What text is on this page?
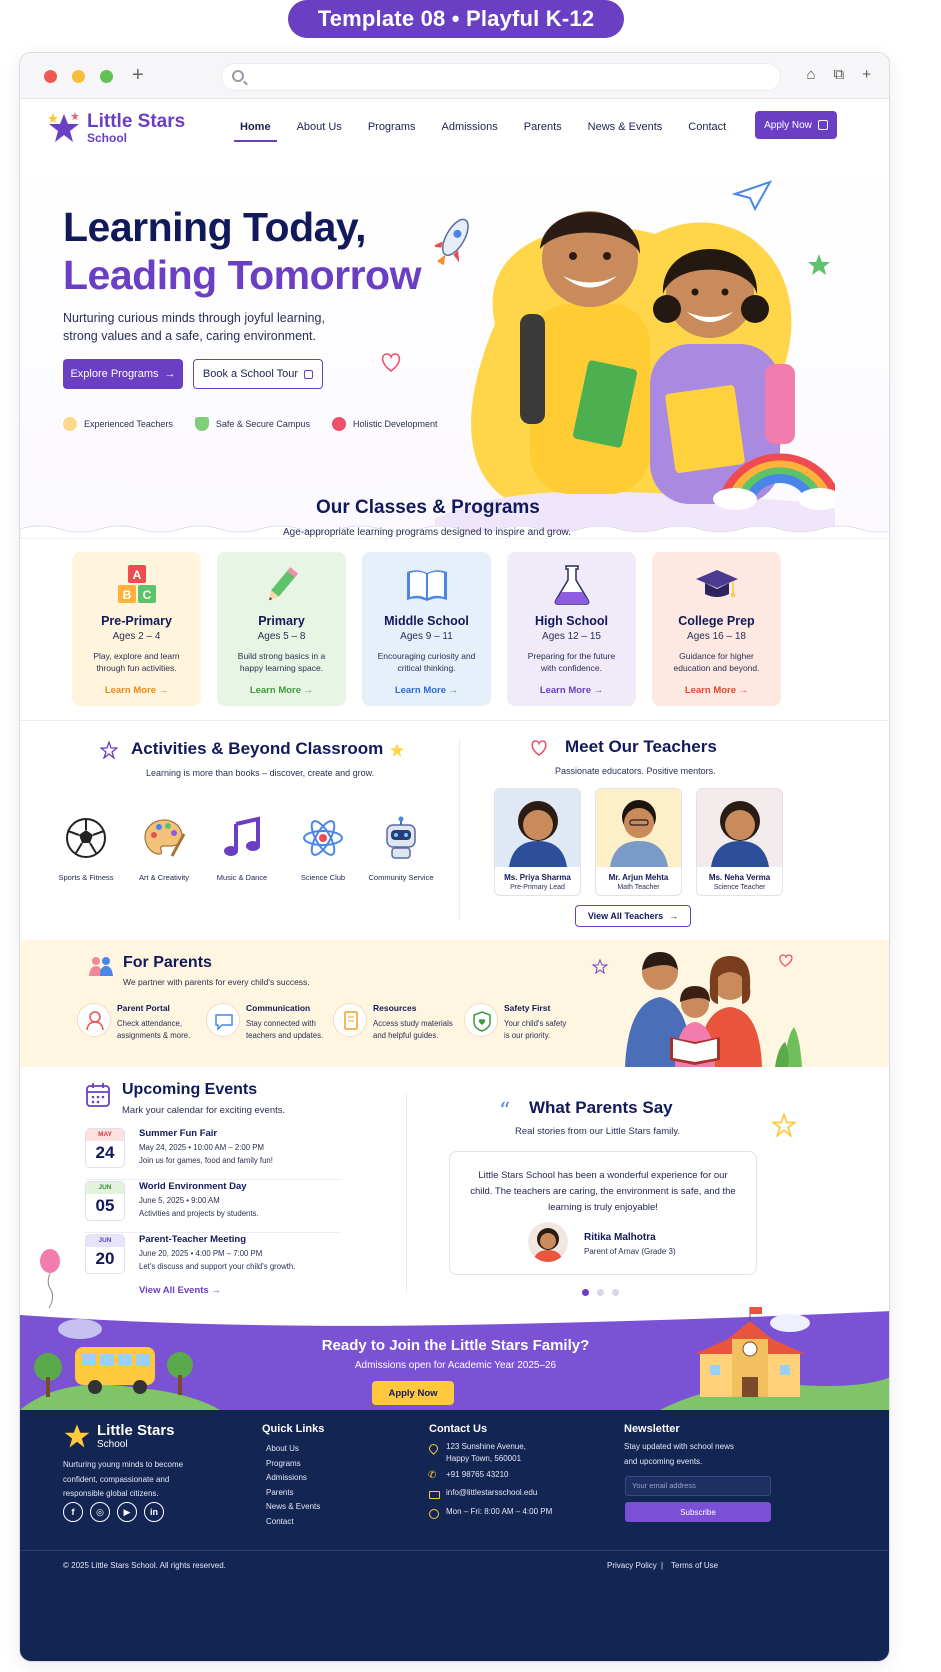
Template 08 • Playful K-12
+	⌂ ⧉ +
Little Stars
School
Home About Us Programs Admissions Parents News & Events Contact	Apply Now
Learning Today,
Leading Tomorrow
Nurturing curious minds through joyful learning, strong values and a safe, caring environment.
Explore Programs → Book a School Tour
Experienced Teachers	Safe & Secure Campus	Holistic Development
Our Classes & Programs
Age-appropriate learning programs designed to inspire and grow.
A
B C
Pre-Primary
Ages 2 – 4
Play, explore and learn through fun activities.
Learn More →
Primary
Ages 5 – 8
Build strong basics in a happy learning space.
Learn More →
Middle School
Ages 9 – 11
Encouraging curiosity and critical thinking.
Learn More →
High School
Ages 12 – 15
Preparing for the future with confidence.
Learn More →
College Prep
Ages 16 – 18
Guidance for higher education and beyond.
Learn More →
Activities & Beyond Classroom
Learning is more than books – discover, create and grow.
Sports & Fitness	Art & Creativity	Music & Dance	Science Club	Community Service
Meet Our Teachers
Passionate educators. Positive mentors.
Ms. Priya Sharma
Pre-Primary Lead
Mr. Arjun Mehta
Math Teacher
Ms. Neha Verma
Science Teacher
View All Teachers →
For Parents
We partner with parents for every child's success.
Parent Portal
Check attendance, assignments & more.
Communication
Stay connected with teachers and updates.
Resources
Access study materials and helpful guides.
Safety First
Your child's safety is our priority.
Upcoming Events
Mark your calendar for exciting events.
MAY
24
Summer Fun Fair
May 24, 2025 • 10:00 AM – 2:00 PM
Join us for games, food and family fun!
JUN
05
World Environment Day
June 5, 2025 • 9:00 AM
Activities and projects by students.
JUN
20
Parent-Teacher Meeting
June 20, 2025 • 4:00 PM – 7:00 PM
Let's discuss and support your child's growth.
View All Events →
“ What Parents Say
Real stories from our Little Stars family.
Little Stars School has been a wonderful experience for our child. The teachers are caring, the environment is safe, and the learning is truly enjoyable!
Ritika Malhotra
Parent of Arnav (Grade 3)
Ready to Join the Little Stars Family?
Admissions open for Academic Year 2025–26
Apply Now
Little Stars
School
Nurturing young minds to become confident, compassionate and responsible global citizens.
f	◎	▶	in
Quick Links
About Us
Programs
Admissions
Parents
News & Events
Contact
Contact Us
123 Sunshine Avenue, Happy Town, 560001
✆ +91 98765 43210
info@littlestarsschool.edu
Mon – Fri: 8:00 AM – 4:00 PM
Newsletter
Stay updated with school news and upcoming events.
Your email address
Subscribe
© 2025 Little Stars School. All rights reserved.	Privacy Policy | Terms of Use
